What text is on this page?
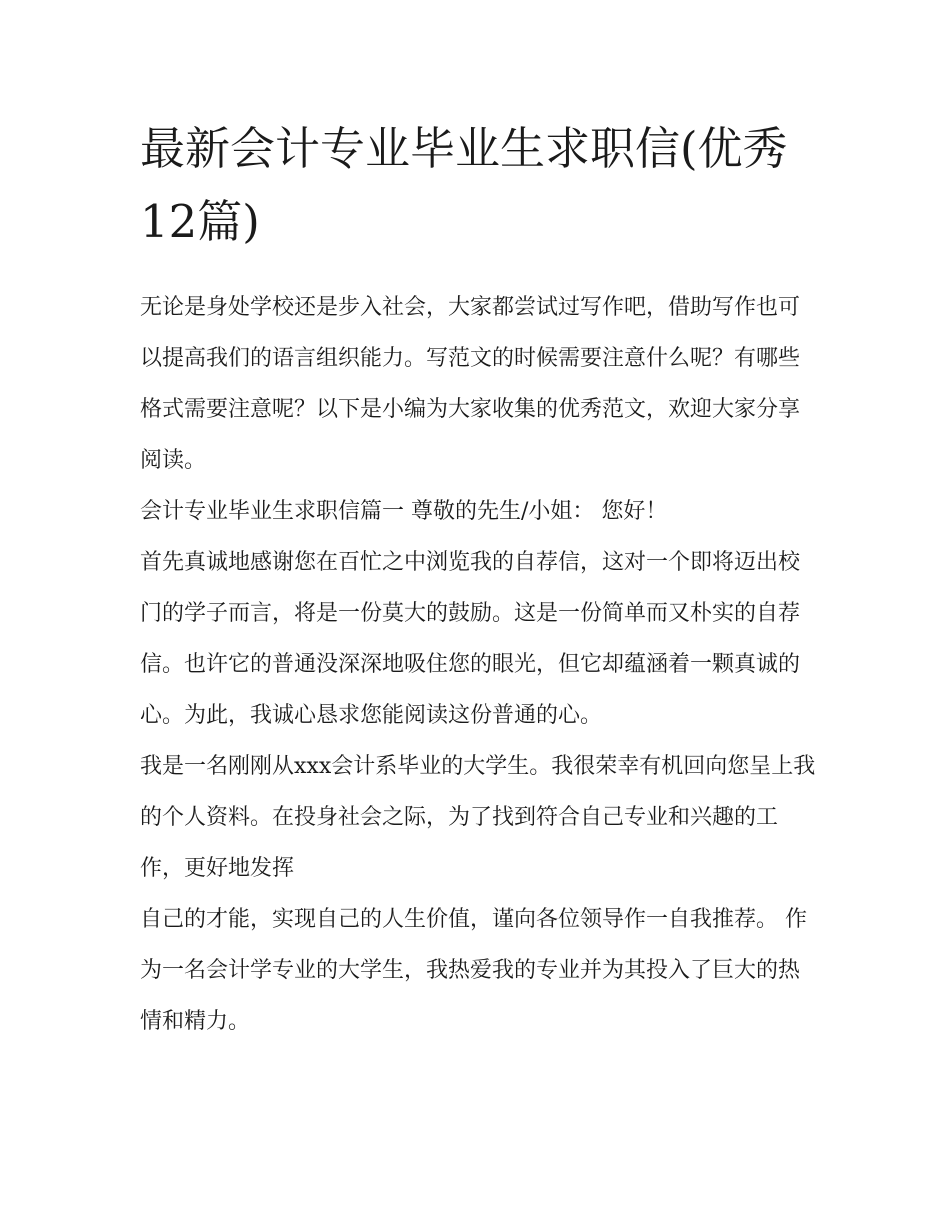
最新会计专业毕业生求职信(优秀12篇)

无论是身处学校还是步入社会，大家都尝试过写作吧，借助写作也可以提高我们的语言组织能力。写范文的时候需要注意什么呢？有哪些格式需要注意呢？以下是小编为大家收集的优秀范文，欢迎大家分享阅读。

会计专业毕业生求职信篇一 尊敬的先生/小姐： 您好！

首先真诚地感谢您在百忙之中浏览我的自荐信，这对一个即将迈出校门的学子而言，将是一份莫大的鼓励。这是一份简单而又朴实的自荐信。也许它的普通没深深地吸住您的眼光，但它却蕴涵着一颗真诚的心。为此，我诚心恳求您能阅读这份普通的心。

我是一名刚刚从xxx会计系毕业的大学生。我很荣幸有机回向您呈上我的个人资料。在投身社会之际，为了找到符合自己专业和兴趣的工作，更好地发挥

自己的才能，实现自己的人生价值，谨向各位领导作一自我推荐。 作为一名会计学专业的大学生，我热爱我的专业并为其投入了巨大的热情和精力。
